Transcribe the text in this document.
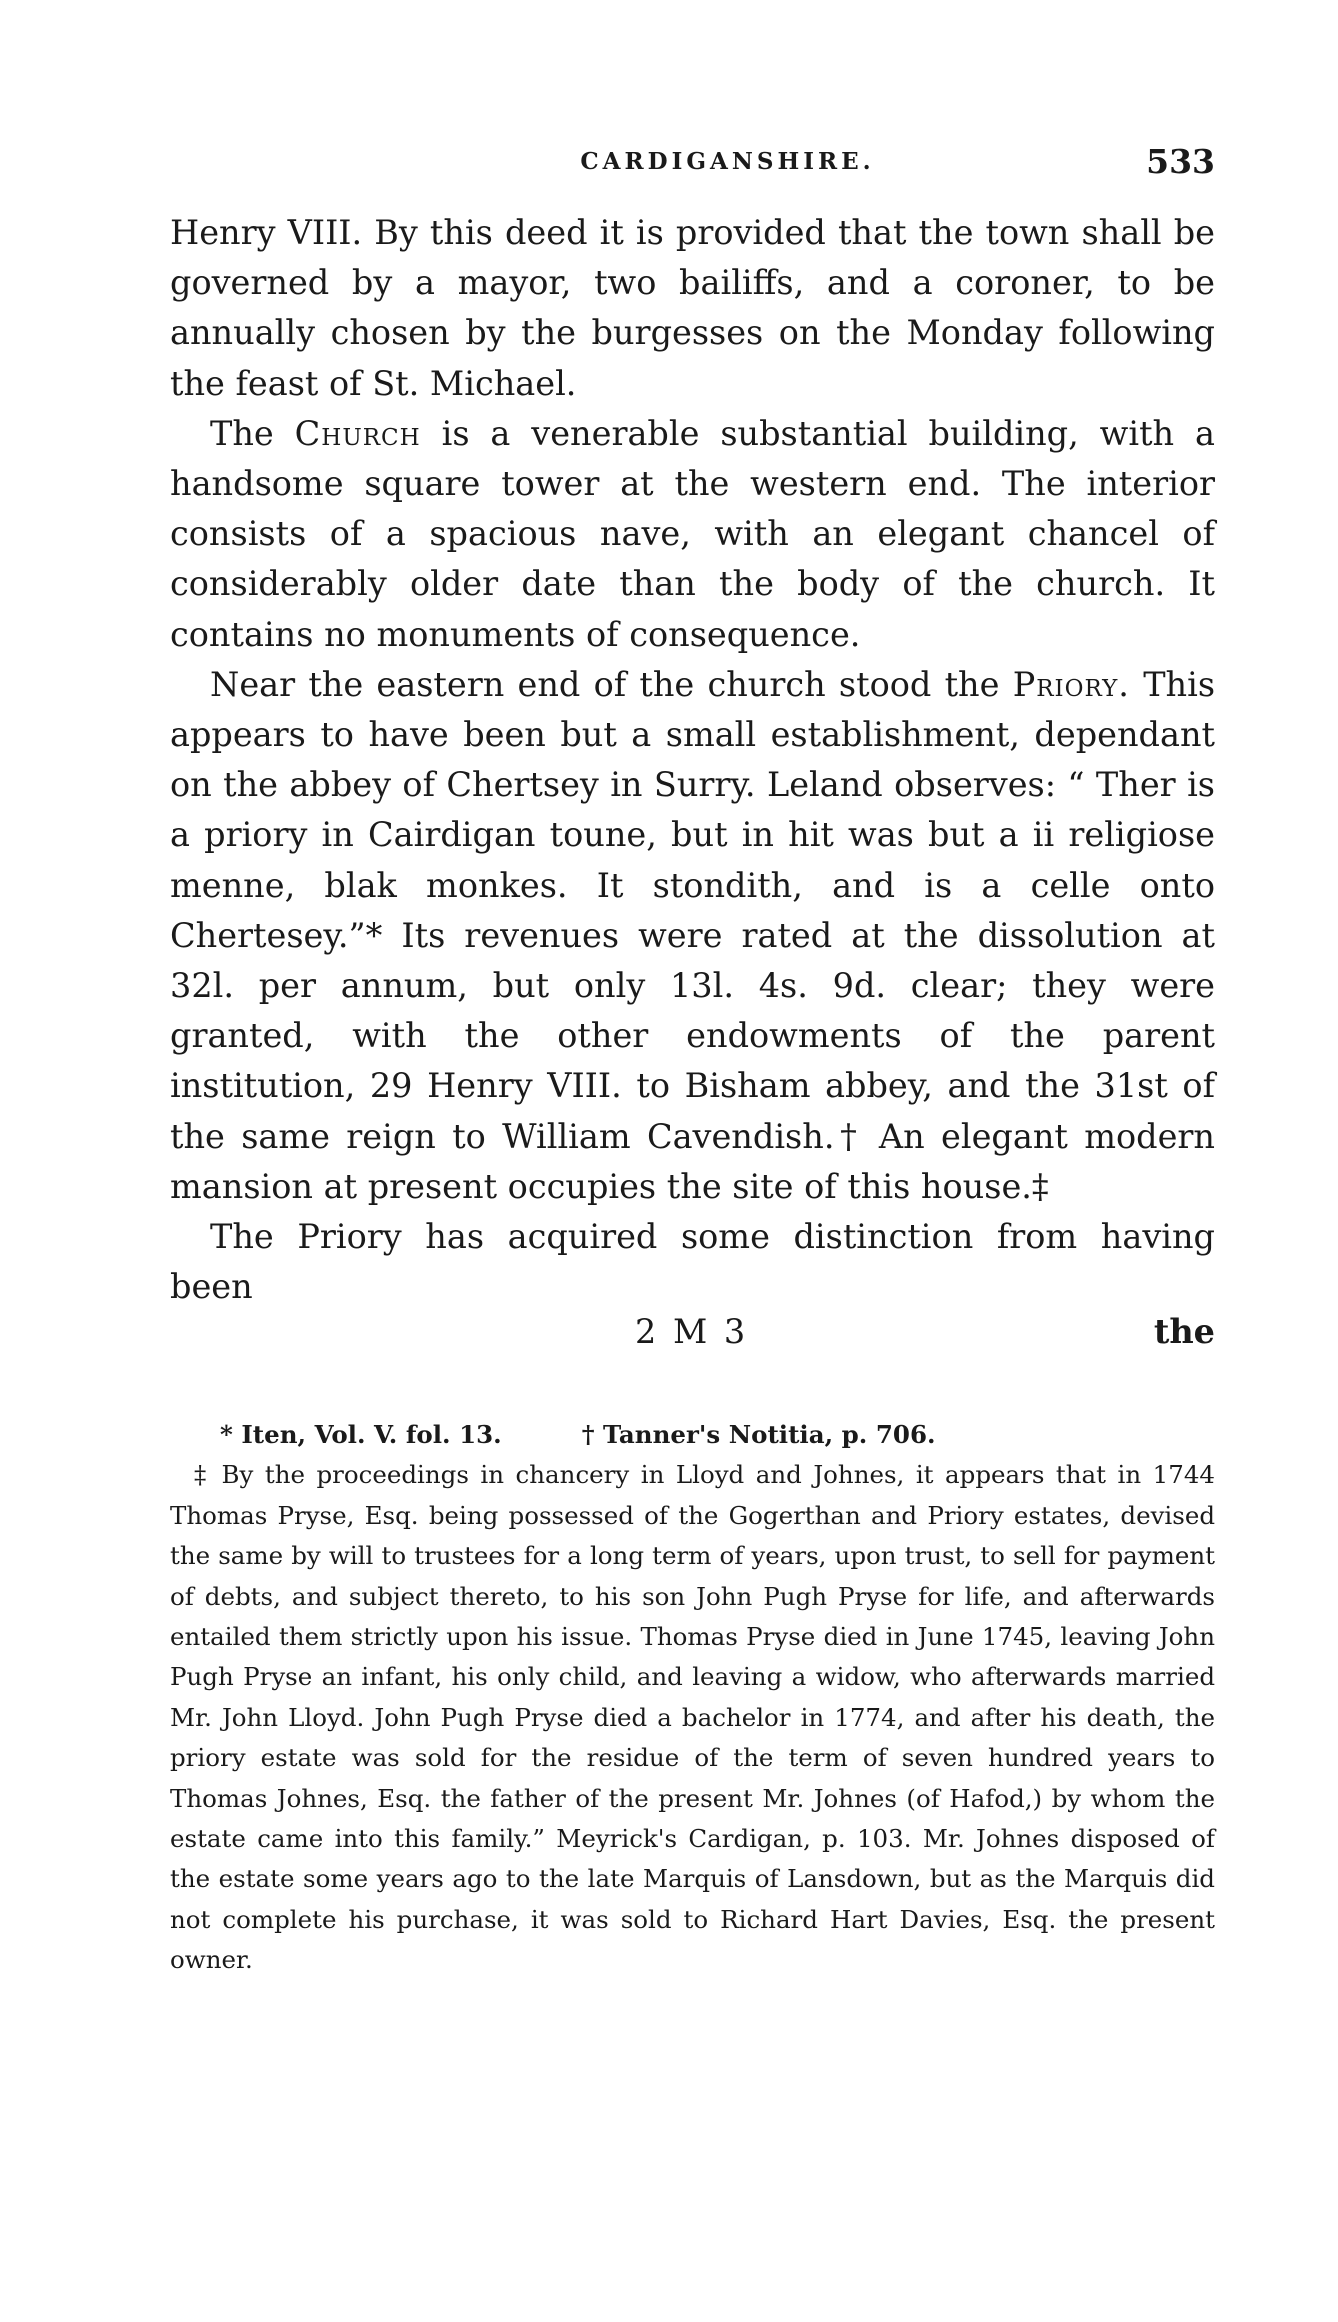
CARDIGANSHIRE.	533

Henry VIII. By this deed it is provided that the town shall be governed by a mayor, two bailiffs, and a coroner, to be annually chosen by the burgesses on the Monday following the feast of St. Michael.

The Church is a venerable substantial building, with a handsome square tower at the western end. The interior consists of a spacious nave, with an elegant chancel of considerably older date than the body of the church. It contains no monuments of consequence.

Near the eastern end of the church stood the Priory. This appears to have been but a small establishment, dependant on the abbey of Chertsey in Surry. Leland observes: “ Ther is a priory in Cairdigan toune, but in hit was but a ii religiose menne, blak monkes. It stondith, and is a celle onto Chertesey.”* Its revenues were rated at the dissolution at 32l. per annum, but only 13l. 4s. 9d. clear; they were granted, with the other endowments of the parent institution, 29 Henry VIII. to Bisham abbey, and the 31st of the same reign to William Cavendish.† An elegant modern mansion at present occupies the site of this house.‡

The Priory has acquired some distinction from having been

2 M 3	the
* Iten, Vol. V. fol. 13.	† Tanner's Notitia, p. 706.

‡ By the proceedings in chancery in Lloyd and Johnes, it appears that in 1744 Thomas Pryse, Esq. being possessed of the Gogerthan and Priory estates, devised the same by will to trustees for a long term of years, upon trust, to sell for payment of debts, and subject thereto, to his son John Pugh Pryse for life, and afterwards entailed them strictly upon his issue. Thomas Pryse died in June 1745, leaving John Pugh Pryse an infant, his only child, and leaving a widow, who afterwards married Mr. John Lloyd. John Pugh Pryse died a bachelor in 1774, and after his death, the priory estate was sold for the residue of the term of seven hundred years to Thomas Johnes, Esq. the father of the present Mr. Johnes (of Hafod,) by whom the estate came into this family.” Meyrick's Cardigan, p. 103. Mr. Johnes disposed of the estate some years ago to the late Marquis of Lansdown, but as the Marquis did not complete his purchase, it was sold to Richard Hart Davies, Esq. the present owner.
